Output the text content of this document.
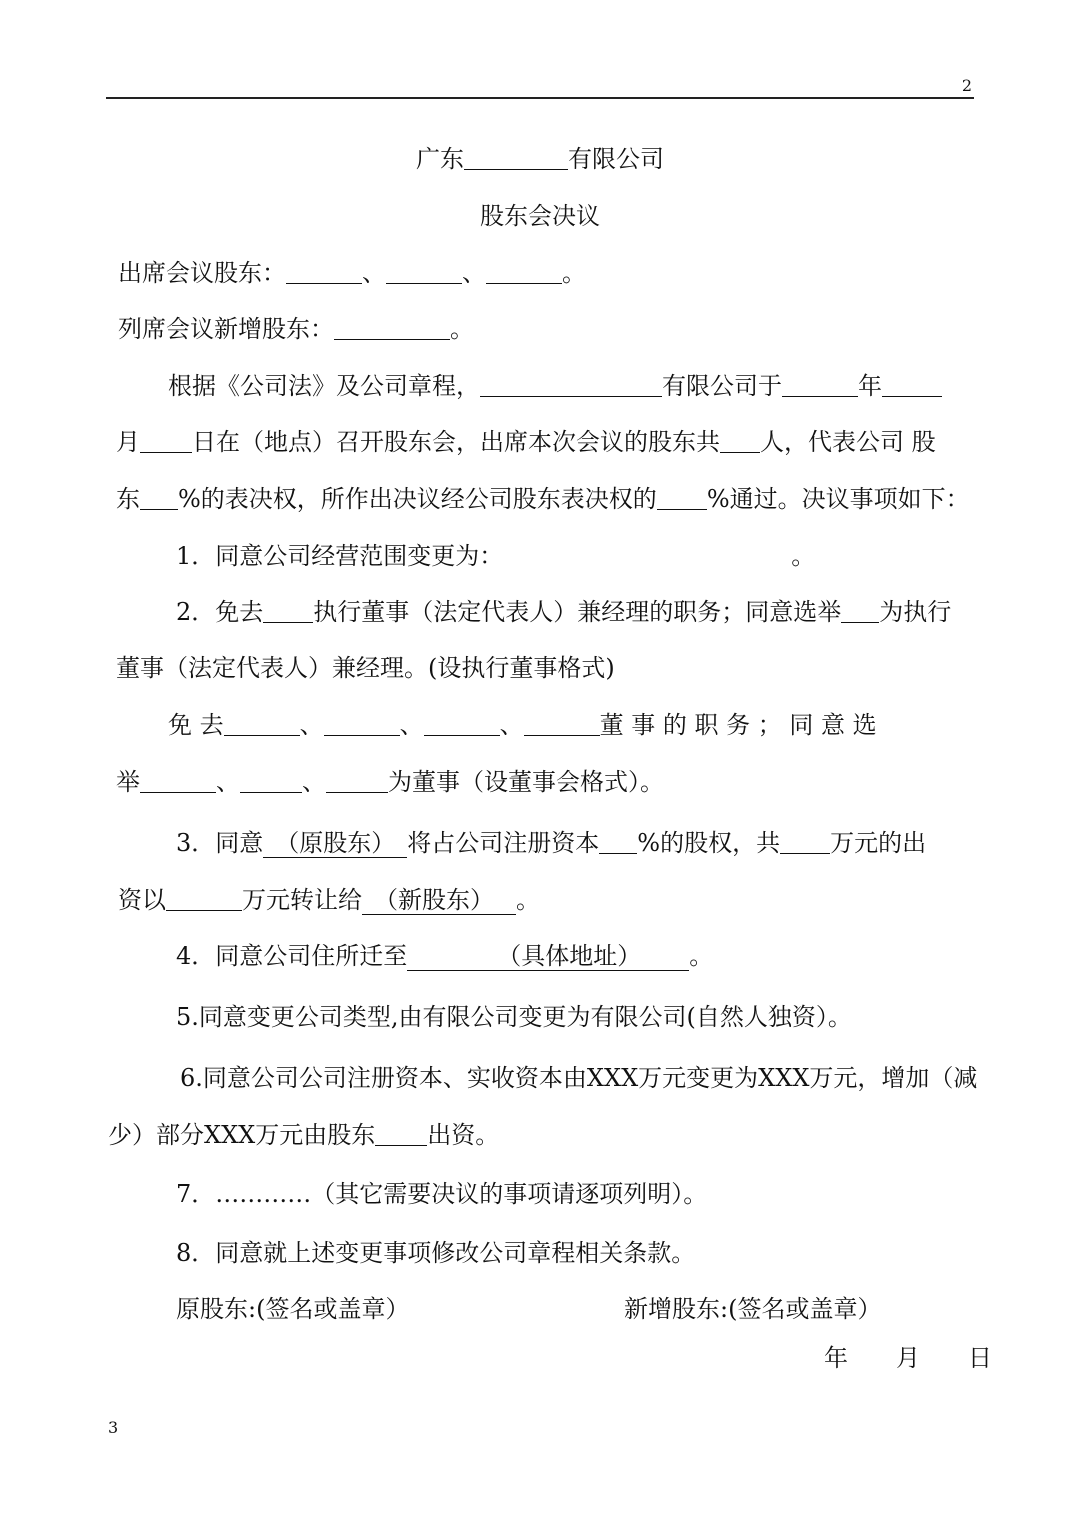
2
广东	有限公司
股东会决议
出席会议股东：	、	、	。
列席会议新增股东：	。
根据《公司法》及公司章程，	有限公司于	年
月 日在（地点）召开股东会，出席本次会议的股东共 人，代表公司 股
东 %的表决权，所作出决议经公司股东表决权的 %通过。决议事项如下：
1．同意公司经营范围变更为：	。
2．免去 执行董事（法定代表人）兼经理的职务；同意选举 为执行
董事（法定代表人）兼经理。(设执行董事格式)
免 去	、	、	、	董 事 的 职 务 ； 同 意 选
举	、	、	为董事（设董事会格式）。
3．同意 （原股东） 将占公司注册资本 %的股权，共 万元的出
资以	万元转让给 （新股东） 。
4．同意公司住所迁至	（具体地址）	。
5.同意变更公司类型,由有限公司变更为有限公司(自然人独资）。
6.同意公司公司注册资本、实收资本由XXX万元变更为XXX万元，增加（减
少）部分XXX万元由股东 出资。
7．…………（其它需要决议的事项请逐项列明）。
8．同意就上述变更事项修改公司章程相关条款。
原股东:(签名或盖章）	新增股东:(签名或盖章）
年　　月　　日
3
